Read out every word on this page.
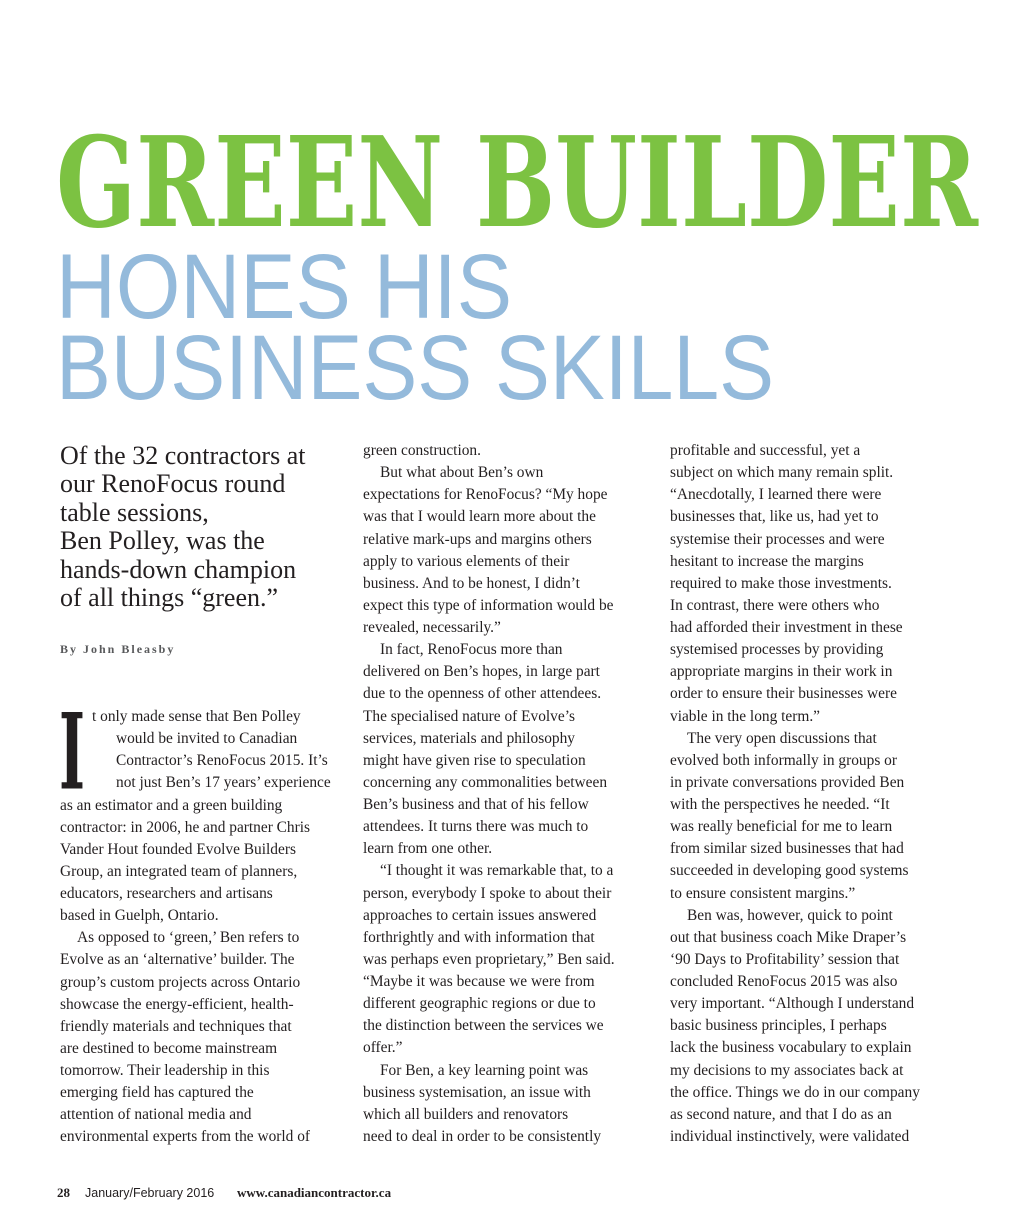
GREEN BUILDER
HONES HIS
BUSINESS SKILLS
Of the 32 contractors at
our RenoFocus round
table sessions,
Ben Polley, was the
hands-down champion
of all things “green.”
By John Bleasby
t only made sense that Ben Polley
would be invited to Canadian
Contractor’s RenoFocus 2015. It’s
not just Ben’s 17 years’ experience
as an estimator and a green building
contractor: in 2006, he and partner Chris
Vander Hout founded Evolve Builders
Group, an integrated team of planners,
educators, researchers and artisans
based in Guelph, Ontario.
As opposed to ‘green,’ Ben refers to
Evolve as an ‘alternative’ builder. The
group’s custom projects across Ontario
showcase the energy-efficient, health-
friendly materials and techniques that
are destined to become mainstream
tomorrow. Their leadership in this
emerging field has captured the
attention of national media and
environmental experts from the world of
I
green construction.
But what about Ben’s own
expectations for RenoFocus? “My hope
was that I would learn more about the
relative mark-ups and margins others
apply to various elements of their
business. And to be honest, I didn’t
expect this type of information would be
revealed, necessarily.”
In fact, RenoFocus more than
delivered on Ben’s hopes, in large part
due to the openness of other attendees.
The specialised nature of Evolve’s
services, materials and philosophy
might have given rise to speculation
concerning any commonalities between
Ben’s business and that of his fellow
attendees. It turns there was much to
learn from one other.
“I thought it was remarkable that, to a
person, everybody I spoke to about their
approaches to certain issues answered
forthrightly and with information that
was perhaps even proprietary,” Ben said.
“Maybe it was because we were from
different geographic regions or due to
the distinction between the services we
offer.”
For Ben, a key learning point was
business systemisation, an issue with
which all builders and renovators
need to deal in order to be consistently
profitable and successful, yet a
subject on which many remain split.
“Anecdotally, I learned there were
businesses that, like us, had yet to
systemise their processes and were
hesitant to increase the margins
required to make those investments.
In contrast, there were others who
had afforded their investment in these
systemised processes by providing
appropriate margins in their work in
order to ensure their businesses were
viable in the long term.”
The very open discussions that
evolved both informally in groups or
in private conversations provided Ben
with the perspectives he needed. “It
was really beneficial for me to learn
from similar sized businesses that had
succeeded in developing good systems
to ensure consistent margins.”
Ben was, however, quick to point
out that business coach Mike Draper’s
‘90 Days to Profitability’ session that
concluded RenoFocus 2015 was also
very important. “Although I understand
basic business principles, I perhaps
lack the business vocabulary to explain
my decisions to my associates back at
the office. Things we do in our company
as second nature, and that I do as an
individual instinctively, were validated
28 January/February 2016 www.canadiancontractor.ca
